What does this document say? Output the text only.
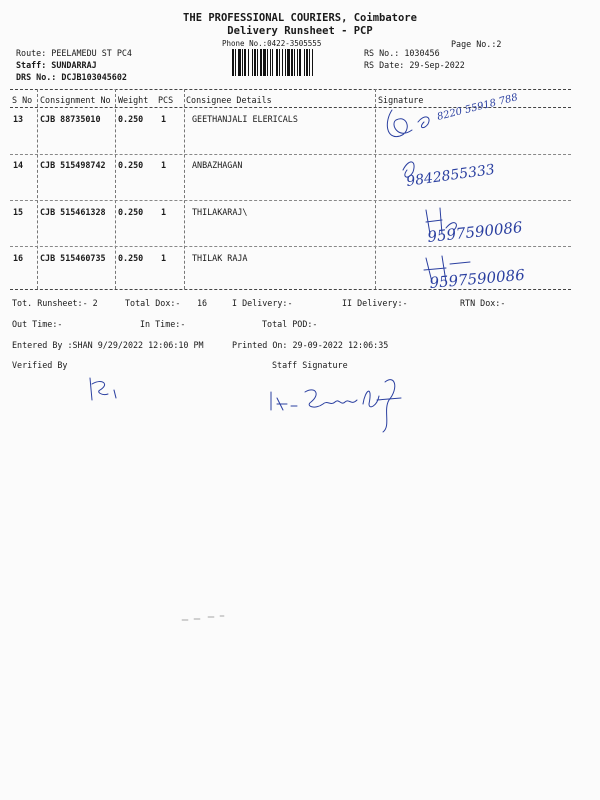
THE PROFESSIONAL COURIERS, Coimbatore
Delivery Runsheet - PCP
Phone No.:0422-3505555	Page No.:2
Route: PEELAMEDU ST PC4
Staff: SUNDARRAJ
DRS No.: DCJB103045602
RS No.: 1030456
RS Date: 29-Sep-2022
S No Consignment No Weight PCS Consignee Details	Signature
13 CJB 88735010 0.250 1	GEETHANJALI ELERICALS
14 CJB 515498742 0.250 1	ANBAZHAGAN
15 CJB 515461328 0.250 1	THILAKARAJ\
16 CJB 515460735 0.250 1	THILAK RAJA
8220 55918 788
9842855333
9597590086
9597590086
Tot. Runsheet:- 2	Total Dox:- 16	I Delivery:-	II Delivery:-	RTN Dox:-
Out Time:-	In Time:-	Total POD:-
Entered By :SHAN 9/29/2022 12:06:10 PM	Printed On: 29-09-2022 12:06:35
Verified By	Staff Signature
